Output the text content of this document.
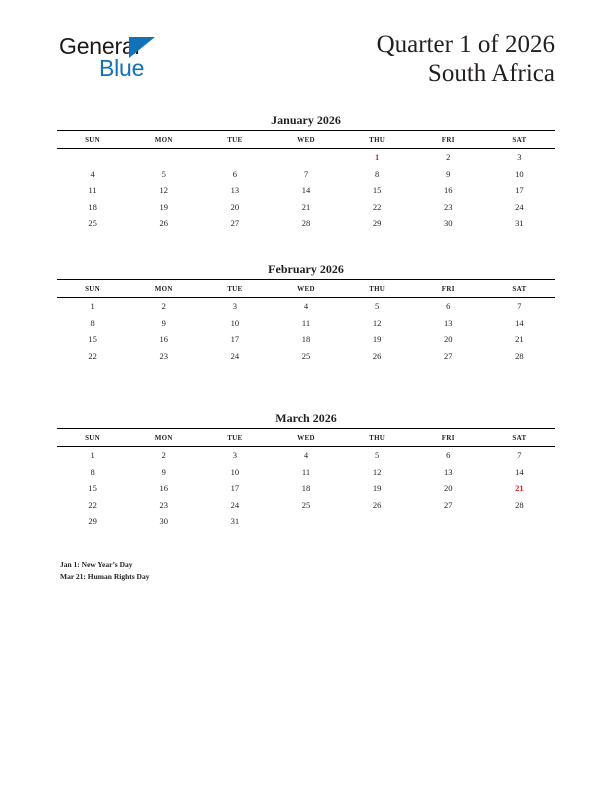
General
Blue
Quarter 1 of 2026
South Africa
January 2026
SUN	MON	TUE	WED	THU	FRI	SAT
				1	2	3
4	5	6	7	8	9	10
11	12	13	14	15	16	17
18	19	20	21	22	23	24
25	26	27	28	29	30	31
February 2026
SUN	MON	TUE	WED	THU	FRI	SAT
1	2	3	4	5	6	7
8	9	10	11	12	13	14
15	16	17	18	19	20	21
22	23	24	25	26	27	28
March 2026
SUN	MON	TUE	WED	THU	FRI	SAT
1	2	3	4	5	6	7
8	9	10	11	12	13	14
15	16	17	18	19	20	21
22	23	24	25	26	27	28
29	30	31				
Jan 1: New Year’s Day
Mar 21: Human Rights Day
